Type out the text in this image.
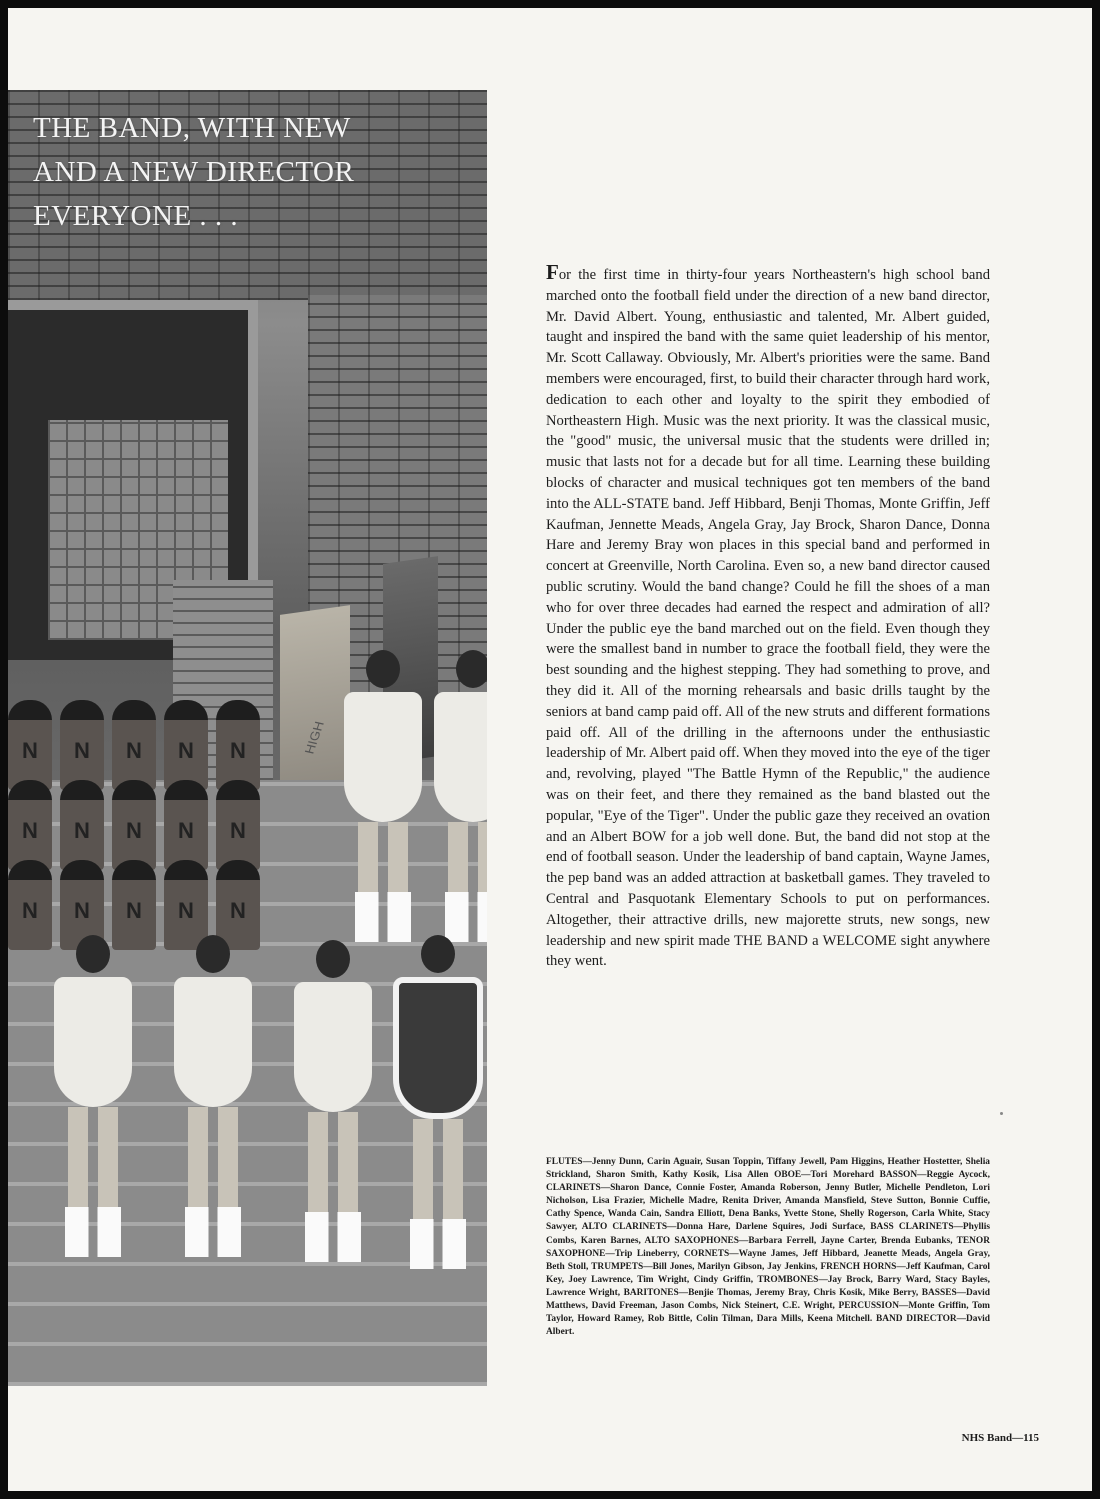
HIGH
N
N
N
N
N
N
N
N
N
N
N
N
N
N
N
THE BAND, WITH NEW
AND A NEW DIRECTOR
EVERYONE . . .

For the first time in thirty-four years Northeastern's high school band marched onto the football field under the direction of a new band director, Mr. David Albert. Young, enthusiastic and talented, Mr. Albert guided, taught and inspired the band with the same quiet leadership of his mentor, Mr. Scott Callaway. Obviously, Mr. Albert's priorities were the same. Band members were encouraged, first, to build their character through hard work, dedication to each other and loyalty to the spirit they embodied of Northeastern High. Music was the next priority. It was the classical music, the "good" music, the universal music that the students were drilled in; music that lasts not for a decade but for all time. Learning these building blocks of character and musical techniques got ten members of the band into the ALL-STATE band. Jeff Hibbard, Benji Thomas, Monte Griffin, Jeff Kaufman, Jennette Meads, Angela Gray, Jay Brock, Sharon Dance, Donna Hare and Jeremy Bray won places in this special band and performed in concert at Greenville, North Carolina. Even so, a new band director caused public scrutiny. Would the band change? Could he fill the shoes of a man who for over three decades had earned the respect and admiration of all? Under the public eye the band marched out on the field. Even though they were the smallest band in number to grace the football field, they were the best sounding and the highest stepping. They had something to prove, and they did it. All of the morning rehearsals and basic drills taught by the seniors at band camp paid off. All of the new struts and different formations paid off. All of the drilling in the afternoons under the enthusiastic leadership of Mr. Albert paid off. When they moved into the eye of the tiger and, revolving, played "The Battle Hymn of the Republic," the audience was on their feet, and there they remained as the band blasted out the popular, "Eye of the Tiger". Under the public gaze they received an ovation and an Albert BOW for a job well done. But, the band did not stop at the end of football season. Under the leadership of band captain, Wayne James, the pep band was an added attraction at basketball games. They traveled to Central and Pasquotank Elementary Schools to put on performances. Altogether, their attractive drills, new majorette struts, new songs, new leadership and new spirit made THE BAND a WELCOME sight anywhere they went.

FLUTES—Jenny Dunn, Carin Aguair, Susan Toppin, Tiffany Jewell, Pam Higgins, Heather Hostetter, Shelia Strickland, Sharon Smith, Kathy Kosik, Lisa Allen OBOE—Tori Morehard BASSON—Reggie Aycock, CLARINETS—Sharon Dance, Connie Foster, Amanda Roberson, Jenny Butler, Michelle Pendleton, Lori Nicholson, Lisa Frazier, Michelle Madre, Renita Driver, Amanda Mansfield, Steve Sutton, Bonnie Cuffie, Cathy Spence, Wanda Cain, Sandra Elliott, Dena Banks, Yvette Stone, Shelly Rogerson, Carla White, Stacy Sawyer, ALTO CLARINETS—Donna Hare, Darlene Squires, Jodi Surface, BASS CLARINETS—Phyllis Combs, Karen Barnes, ALTO SAXOPHONES—Barbara Ferrell, Jayne Carter, Brenda Eubanks, TENOR SAXOPHONE—Trip Lineberry, CORNETS—Wayne James, Jeff Hibbard, Jeanette Meads, Angela Gray, Beth Stoll, TRUMPETS—Bill Jones, Marilyn Gibson, Jay Jenkins, FRENCH HORNS—Jeff Kaufman, Carol Key, Joey Lawrence, Tim Wright, Cindy Griffin, TROMBONES—Jay Brock, Barry Ward, Stacy Bayles, Lawrence Wright, BARITONES—Benjie Thomas, Jeremy Bray, Chris Kosik, Mike Berry, BASSES—David Matthews, David Freeman, Jason Combs, Nick Steinert, C.E. Wright, PERCUSSION—Monte Griffin, Tom Taylor, Howard Ramey, Rob Bittle, Colin Tilman, Dara Mills, Keena Mitchell. BAND DIRECTOR—David Albert.
NHS Band—115
